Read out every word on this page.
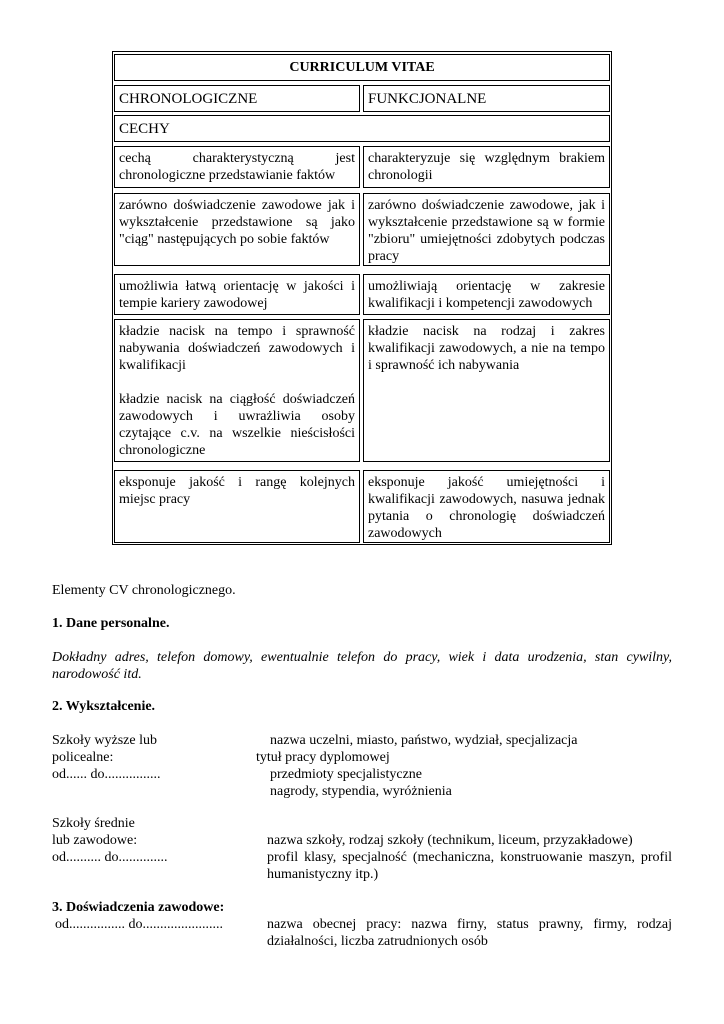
CURRICULUM VITAE
CHRONOLOGICZNE	FUNKCJONALNE
CECHY

cechą charakterystyczną jest chronologiczne przedstawianie faktów

charakteryzuje się względnym brakiem chronologii

zarówno doświadczenie zawodowe jak i wykształcenie przedstawione są jako "ciąg" następujących po sobie faktów

zarówno doświadczenie zawodowe, jak i wykształcenie przedstawione są w formie "zbioru" umiejętności zdobytych podczas pracy

umożliwia łatwą orientację w jakości i tempie kariery zawodowej

umożliwiają orientację w zakresie kwalifikacji i kompetencji zawodowych

kładzie nacisk na tempo i sprawność nabywania doświadczeń zawodowych i kwalifikacji

kładzie nacisk na ciągłość doświadczeń zawodowych i uwrażliwia osoby czytające c.v. na wszelkie nieścisłości chronologiczne

kładzie nacisk na rodzaj i zakres kwalifikacji zawodowych, a nie na tempo i sprawność ich nabywania

eksponuje jakość i rangę kolejnych miejsc pracy

eksponuje jakość umiejętności i kwalifikacji zawodowych, nasuwa jednak pytania o chronologię doświadczeń zawodowych

Elementy CV chronologicznego.

1. Dane personalne.

Dokładny adres, telefon domowy, ewentualnie telefon do pracy, wiek i data urodzenia, stan cywilny, narodowość itd.

2. Wykształcenie.

Szkoły wyższe lub
policealne:
od...... do................
nazwa uczelni, miasto, państwo, wydział, specjalizacja
tytuł pracy dyplomowej
przedmioty specjalistyczne
nagrody, stypendia, wyróżnienia
Szkoły średnie
lub zawodowe:
od.......... do..............
nazwa szkoły, rodzaj szkoły (technikum, liceum, przyzakładowe)
profil klasy, specjalność (mechaniczna, konstruowanie maszyn, profil humanistyczny itp.)

3. Doświadczenia zawodowe:

od................ do.......................	nazwa obecnej pracy: nazwa firny, status prawny, firmy, rodzaj działalności, liczba zatrudnionych osób
